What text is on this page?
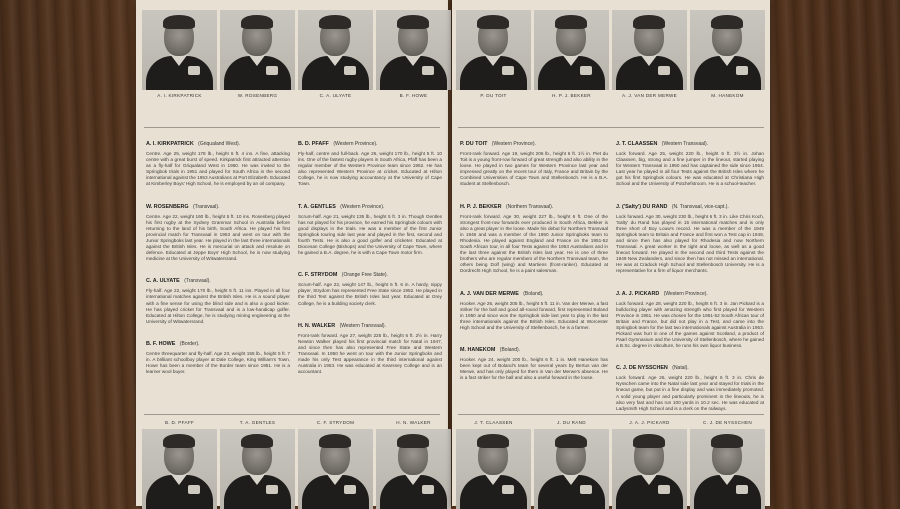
A. I. KIRKPATRICK	W. ROSENBERG	C. A. ULYATE	B. F. HOWE
A. I. KIRKPATRICK (Griqualand West).

Centre. Age 25, weight 178 lb., height 6 ft. 4 ins. A fine, attacking centre with a great burst of speed. Kirkpatrick first attracted attention as a fly-half for Griqualand West in 1950. He was invited to the Springbok trials in 1951 and played for South Africa in the second international against the 1953 Australians at Port Elizabeth. Educated at Kimberley Boys' High School, he is employed by an oil company.

W. ROSENBERG (Transvaal).

Centre. Age 22, weight 160 lb., height 5 ft. 10 ins. Rosenberg played his first rugby at the Sydney Grammar School in Australia before returning to the land of his birth, South Africa. He played his first provincial match for Transvaal in 1953 and went on tour with the Junior Springboks last year. He played in the last three internationals against the British Isles. He is mercurial on attack and resolute on defence. Educated at Jeppe Boys' High School, he is now studying medicine at the University of Witwatersrand.

C. A. ULYATE (Transvaal).

Fly-half. Age 22, weight 170 lb., height 5 ft. 11 ins. Played in all four international matches against the British Isles. He is a sound player with a fine sense for using the blind side and is also a good kicker. He has played cricket for Transvaal and is a low-handicap golfer. Educated at Hilton College, he is studying mining engineering at the University of Witwatersrand.

B. F. HOWE (Border).

Centre threequarter and fly-half. Age 23, weight 155 lb., height 5 ft. 7 in. A brilliant schoolboy player at Dale College, King William's Town, Howe has been a member of the Border team since 1951. He is a learner wool buyer.

B. D. PFAFF (Western Province).

Fly-half, centre and full-back. Age 26, weight 170 lb., height 5 ft. 10 ins. One of the fastest rugby players in South Africa, Pfaff has been a regular member of the Western Province team since 1952. He has also represented Western Province at cricket. Educated at Hilton College, he is now studying accountancy at the University of Cape Town.

T. A. GENTLES (Western Province).

Scrum-half. Age 21, weight 135 lb., height 5 ft. 3 in. Though Gentles has not played for his province, he earned his Springbok colours with good displays in the trials. He was a member of the first Junior Springbok touring side last year and played in the first, second and fourth Tests. He is also a good golfer and cricketer. Educated at Diocesan College (Bishops) and the University of Cape Town, where he gained a B.A. degree, he is with a Cape Town motor firm.

C. F. STRYDOM (Orange Free State).

Scrum-half. Age 22, weight 147 lb., height 5 ft. 6 in. A hardy, nippy player, Strydom has represented Free State since 1952. He played in the third Test against the British Isles last year. Educated at Grey College, he is a building society clerk.

H. N. WALKER (Western Transvaal).

Front-rank forward. Age 27, weight 225 lb., height 6 ft. 2½ in. Harry Newton Walker played his first provincial match for Natal in 1947, and since then has also represented Free State and Western Transvaal. In 1950 he went on tour with the Junior Springboks and made his only Test appearance in the third international against Australia in 1953. He was educated at Kearsney College and is an accountant.

B. D. PFAFF	T. A. GENTLES	C. F. STRYDOM	H. N. WALKER
P. DU TOIT	H. P. J. BEKKER	A. J. VAN DER MERWE	M. HANEKOM
P. DU TOIT (Western Province).

Front-rank forward. Age 19, weight 206 lb., height 6 ft. 1½ in. Piet du Toit is a young front-row forward of great strength and also ability in the loose. He played in two games for Western Province last year and impressed greatly on the recent tour of Italy, France and Britain by the Combined Universities of Cape Town and Stellenbosch. He is a B.A. student at Stellenbosch.

H. P. J. BEKKER (Northern Transvaal).

Front-rank forward. Age 30, weight 227 lb., height 6 ft. One of the strongest front-row forwards ever produced in South Africa, Bekker is also a great player in the loose. Made his debut for Northern Transvaal in 1946 and was a member of the 1950 Junior Springboks team to Rhodesia. He played against England and France on the 1951-52 South African tour, in all four Tests against the 1953 Australians and in the last three against the British Isles last year. He is one of three brothers who are regular members of the Northern Transvaal team, the others being Dolf (wing) and Martiens (front-ranker). Educated at Dordrecht High School, he is a paint salesman.

A. J. VAN DER MERWE (Boland).

Hooker. Age 26, weight 205 lb., height 5 ft. 11 in. Van der Merwe, a fast striker for the ball and good all-round forward, first represented Boland in 1950 and since won the Springbok side last year to play in the last three internationals against the British Isles. Educated at Worcester High School and the University of Stellenbosch, he is a farmer.

M. HANEKOM (Boland).

Hooker. Age 24, weight 200 lb., height 6 ft. 1 in. Melt Hanekom has been kept out of Boland's team for several years by Bertus van der Merwe, and has only played for them in Van der Merwe's absence. He is a fast striker for the ball and also a useful forward in the loose.

J. T. CLAASSEN (Western Transvaal).

Lock forward. Age 25, weight 220 lb., height 6 ft. 3½ in. Johan Claassen, big, strong and a fine jumper in the lineout, started playing for Western Transvaal in 1950 and has captained the side since 1954. Last year he played in all four Tests against the British Isles where he got his first Springbok colours. He was educated at Christiana High School and the University of Potchefstroom. He is a school-teacher.

J. ('Salty') DU RAND (N. Transvaal, vice-capt.).

Lock forward. Age 30, weight 230 lb., height 6 ft. 3 in. Like Chris Koch, 'Salty' du Rand has played in 15 international matches and is only three short of Boy Louw's record. He was a member of the 1949 Springbok team to Britain and France and first won a Test cap in 1949, and since then has also played for Rhodesia and now Northern Transvaal. A great worker in the tight and loose, as well as a good lineout forward. He played in the second and third Tests against the 1949 New Zealanders, and since then has not missed an international. He was at Cradock High School and Stellenbosch University. He is a representative for a firm of liquor merchants.

J. A. J. PICKARD (Western Province).

Lock forward. Age 28, weight 220 lb., height 6 ft. 3 in. Jan Pickard is a bulldozing player with amazing strength who first played for Western Province in 1951. He was chosen for the 1951-52 South African tour of Britain and France, but did not play in a Test, and came into the Springbok team for the last two internationals against Australia in 1953. Pickard was hurt in one of the games against Scotland, a product of Paarl Gymnasium and the University of Stellenbosch, where he gained a B.Sc. degree in viticulture, he runs his own liquor business.

C. J. DE NYSSCHEN (Natal).

Lock forward. Age 26, weight 220 lb., height 6 ft. 3 in. Chris de Nysschen came into the Natal side last year and stayed for trials in the lineout game, but put in a fine display and was immediately promoted. A solid young player and particularly prominent in the lineouts, he is also very fast and has run 100 yards in 10.2 sec. He was educated at Ladysmith High School and is a clerk on the railways.

J. T. CLAASSEN	J. DU RAND	J. A. J. PICKARD	C. J. DE NYSSCHEN
